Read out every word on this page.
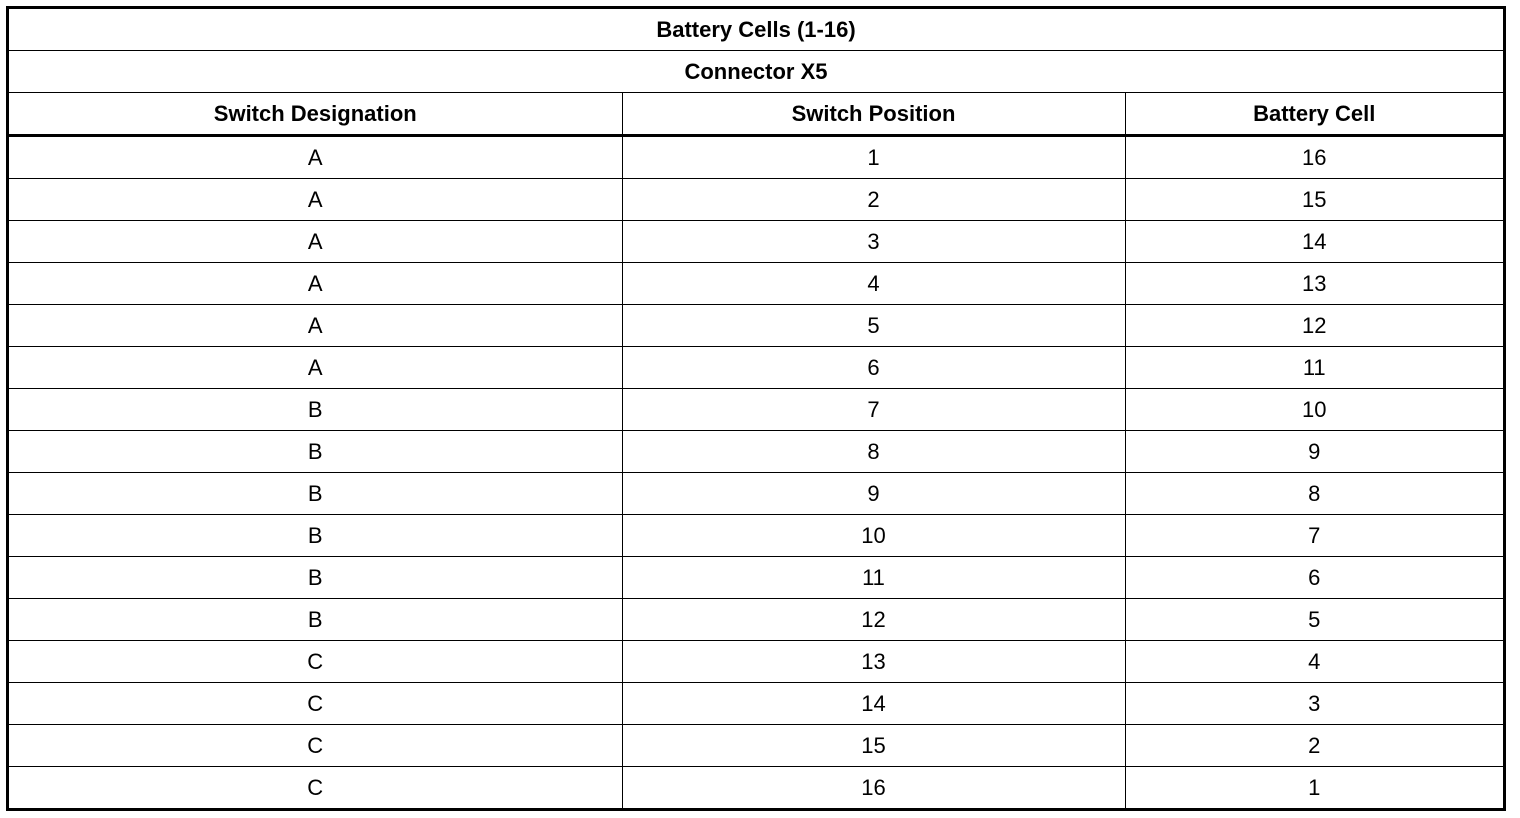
Battery Cells (1-16)		
Connector X5		
Switch Designation	Switch Position	Battery Cell
A	1	16
A	2	15
A	3	14
A	4	13
A	5	12
A	6	11
B	7	10
B	8	9
B	9	8
B	10	7
B	11	6
B	12	5
C	13	4
C	14	3
C	15	2
C	16	1
